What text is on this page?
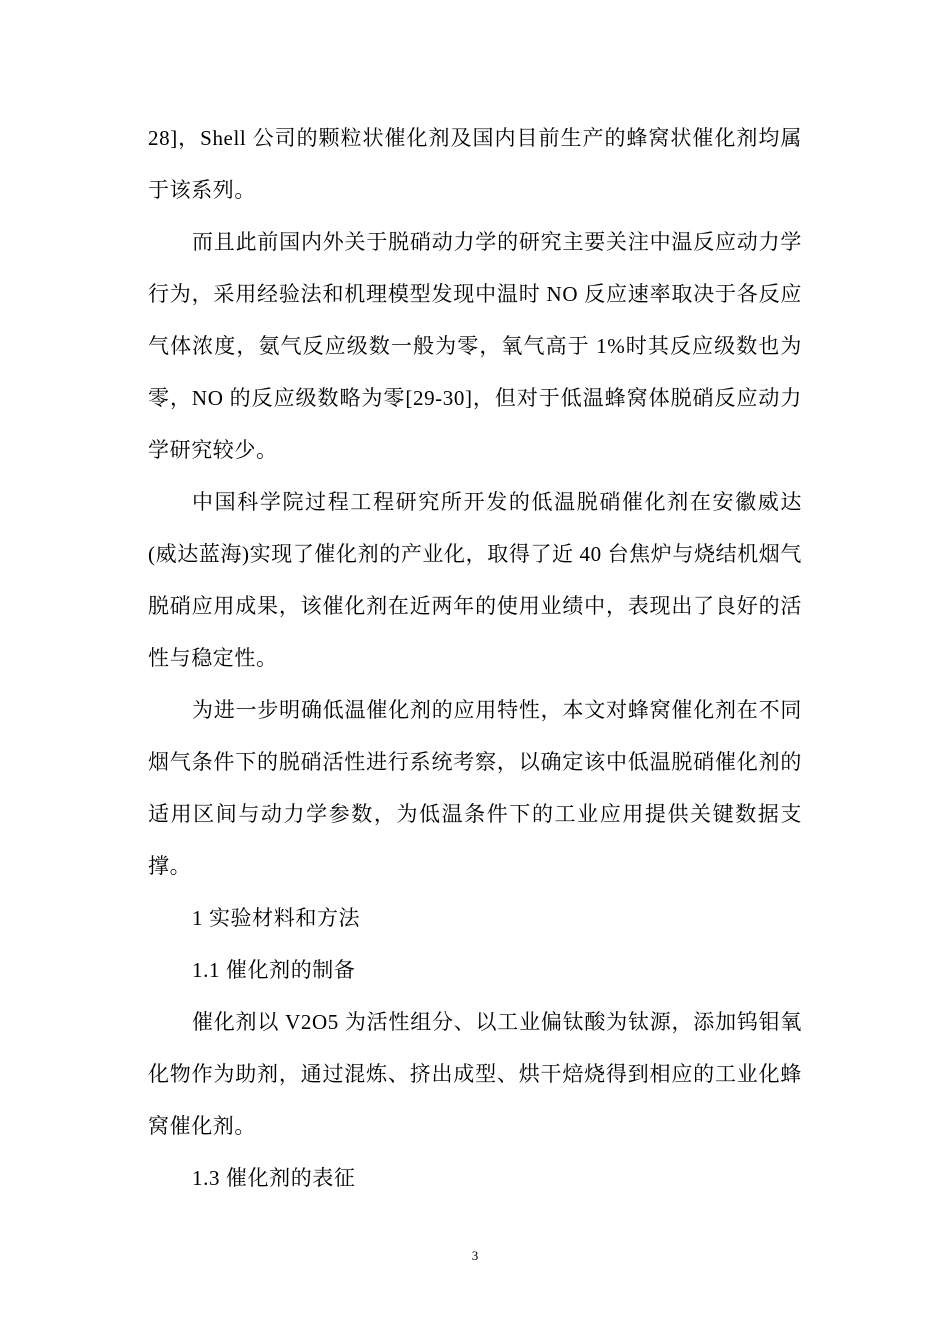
28]，Shell 公司的颗粒状催化剂及国内目前生产的蜂窝状催化剂均属于该系列。

而且此前国内外关于脱硝动力学的研究主要关注中温反应动力学行为，采用经验法和机理模型发现中温时 NO 反应速率取决于各反应气体浓度，氨气反应级数一般为零，氧气高于 1%时其反应级数也为零，NO 的反应级数略为零[29-30]，但对于低温蜂窝体脱硝反应动力学研究较少。

中国科学院过程工程研究所开发的低温脱硝催化剂在安徽威达(威达蓝海)实现了催化剂的产业化，取得了近 40 台焦炉与烧结机烟气脱硝应用成果，该催化剂在近两年的使用业绩中，表现出了良好的活性与稳定性。

为进一步明确低温催化剂的应用特性，本文对蜂窝催化剂在不同烟气条件下的脱硝活性进行系统考察，以确定该中低温脱硝催化剂的适用区间与动力学参数，为低温条件下的工业应用提供关键数据支撑。

1 实验材料和方法

1.1 催化剂的制备

催化剂以 V2O5 为活性组分、以工业偏钛酸为钛源，添加钨钼氧化物作为助剂，通过混炼、挤出成型、烘干焙烧得到相应的工业化蜂窝催化剂。

1.3 催化剂的表征

3
